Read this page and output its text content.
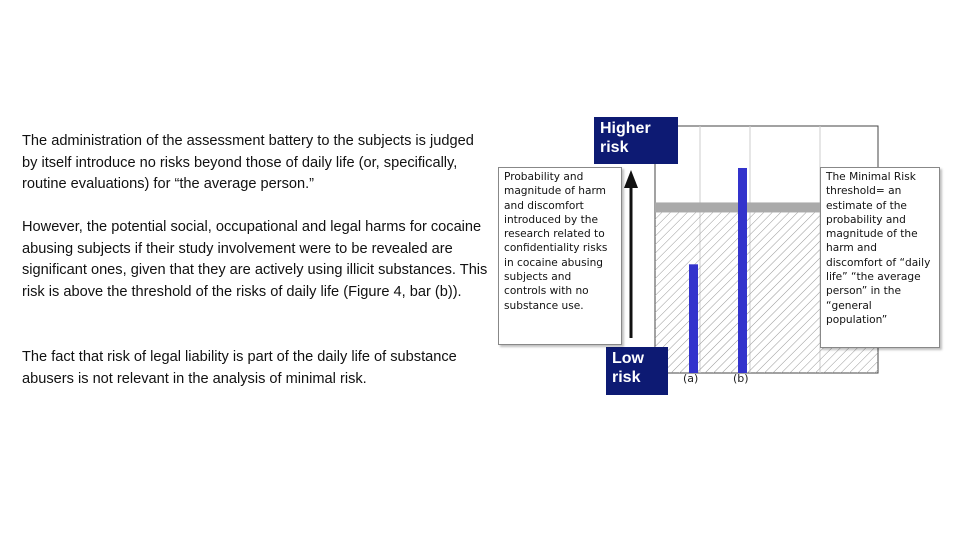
The administration of the assessment battery to the subjects is judged by itself introduce no risks beyond those of daily life (or, specifically, routine evaluations) for “the average person.”

However, the potential social, occupational and legal harms for cocaine abusing subjects if their study involvement were to be revealed are significant ones, given that they are actively using illicit substances. This risk is above the threshold of the risks of daily life (Figure 4, bar (b)).

The fact that risk of legal liability is part of the daily life of substance abusers is not relevant in the analysis of minimal risk.

Higher risk
Low risk
Probability and magnitude of harm and discomfort introduced by the research related to confidentiality risks in cocaine abusing subjects and controls with no substance use.
The Minimal Risk threshold= an estimate of the probability and magnitude of the harm and discomfort of “daily life” “the average person” in the “general population”
(a)	(b)
